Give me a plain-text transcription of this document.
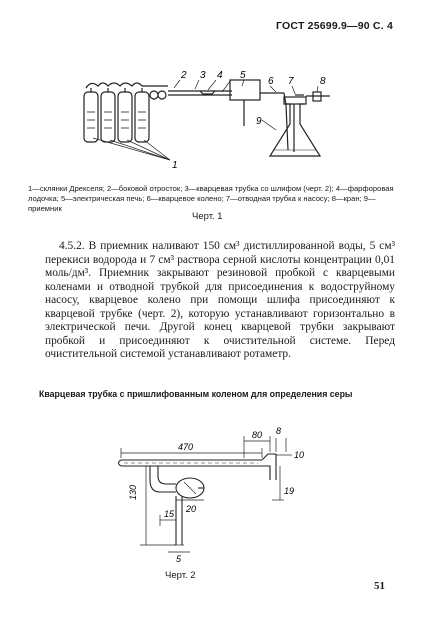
ГОСТ 25699.9—90 С. 4
1
2 3 4 5
6 7	8
9
1—склянки Дрекселя; 2—боковой отросток; 3—кварцевая трубка со шлифом (черт. 2); 4—фарфоровая лодочка; 5—электрическая печь; 6—кварцевое колено; 7—отводная трубка к насосу; 8—кран; 9—приемник
Черт. 1

4.5.2. В приемник наливают 150 см³ дистиллированной воды, 5 см³ перекиси водорода и 7 см³ раствора серной кислоты концентрации 0,01 моль/дм³. Приемник закрывают резиновой пробкой с кварцевыми коленами и отводной трубкой для присоединения к водоструйному насосу, кварцевое колено при помощи шлифа присоединяют к кварцевой трубке (черт. 2), которую устанавливают горизонтально в электрической печи. Другой конец кварцевой трубки закрывают пробкой и присоединяют к очистительной системе. Перед очистительной системой устанавливают ротаметр.

Кварцевая трубка с пришлифованным коленом для определения серы
470
80 8
10
19
130
15 20
5
Черт. 2
51
